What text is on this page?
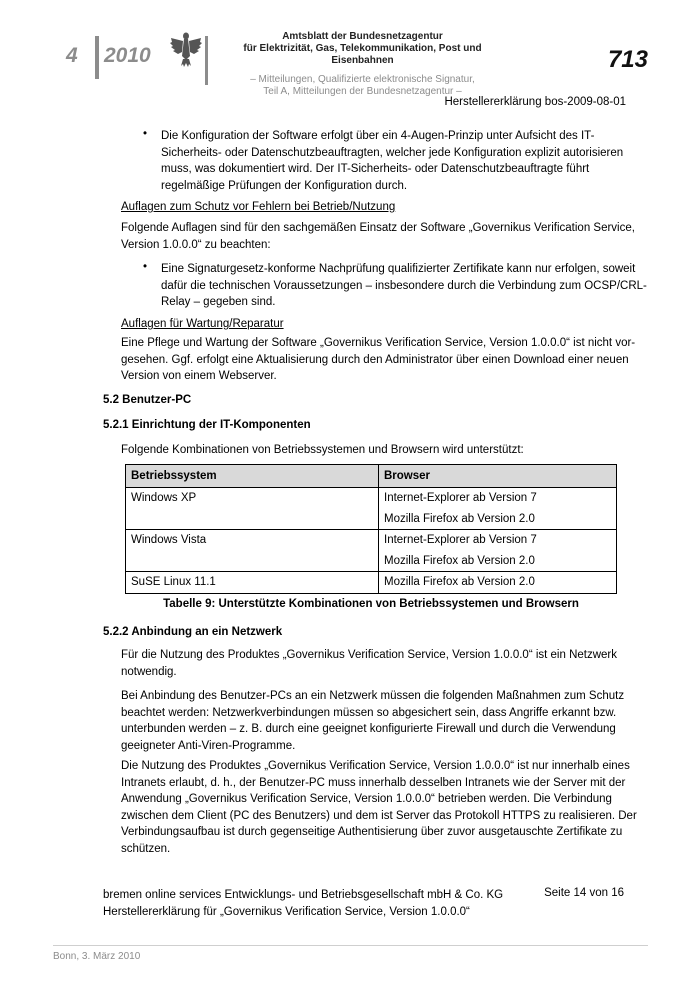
4 2010
Amtsblatt der Bundesnetzagentur
für Elektrizität, Gas, Telekommunikation, Post und Eisenbahnen
– Mitteilungen, Qualifizierte elektronische Signatur,
Teil A, Mitteilungen der Bundesnetzagentur –
713
Herstellererklärung bos-2009-08-01
• Die Konfiguration der Software erfolgt über ein 4-Augen-Prinzip unter Aufsicht des IT-
Sicherheits- oder Datenschutzbeauftragten, welcher jede Konfiguration explizit autorisieren
muss, was dokumentiert wird. Der IT-Sicherheits- oder Datenschutzbeauftragte führt
regelmäßige Prüfungen der Konfiguration durch.
Auflagen zum Schutz vor Fehlern bei Betrieb/Nutzung
Folgende Auflagen sind für den sachgemäßen Einsatz der Software „Governikus Verification Service,
Version 1.0.0.0“ zu beachten:
• Eine Signaturgesetz-konforme Nachprüfung qualifizierter Zertifikate kann nur erfolgen, soweit
dafür die technischen Voraussetzungen – insbesondere durch die Verbindung zum OCSP/CRL-
Relay – gegeben sind.
Auflagen für Wartung/Reparatur
Eine Pflege und Wartung der Software „Governikus Verification Service, Version 1.0.0.0“ ist nicht vor-
gesehen. Ggf. erfolgt eine Aktualisierung durch den Administrator über einen Download einer neuen
Version von einem Webserver.
5.2 Benutzer-PC
5.2.1 Einrichtung der IT-Komponenten
Folgende Kombinationen von Betriebssystemen und Browsern wird unterstützt:
Betriebssystem	Browser

Windows XP	Internet-Explorer ab Version 7
Mozilla Firefox ab Version 2.0

Windows Vista	Internet-Explorer ab Version 7
Mozilla Firefox ab Version 2.0

SuSE Linux 11.1	Mozilla Firefox ab Version 2.0
Tabelle 9: Unterstützte Kombinationen von Betriebssystemen und Browsern
5.2.2 Anbindung an ein Netzwerk
Für die Nutzung des Produktes „Governikus Verification Service, Version 1.0.0.0“ ist ein Netzwerk
notwendig.
Bei Anbindung des Benutzer-PCs an ein Netzwerk müssen die folgenden Maßnahmen zum Schutz
beachtet werden: Netzwerkverbindungen müssen so abgesichert sein, dass Angriffe erkannt bzw.
unterbunden werden – z. B. durch eine geeignet konfigurierte Firewall und durch die Verwendung
geeigneter Anti-Viren-Programme.
Die Nutzung des Produktes „Governikus Verification Service, Version 1.0.0.0“ ist nur innerhalb eines
Intranets erlaubt, d. h., der Benutzer-PC muss innerhalb desselben Intranets wie der Server mit der
Anwendung „Governikus Verification Service, Version 1.0.0.0“ betrieben werden. Die Verbindung
zwischen dem Client (PC des Benutzers) und dem ist Server das Protokoll HTTPS zu realisieren. Der
Verbindungsaufbau ist durch gegenseitige Authentisierung über zuvor ausgetauschte Zertifikate zu
schützen.
bremen online services Entwicklungs- und Betriebsgesellschaft mbH & Co. KG
Herstellererklärung für „Governikus Verification Service, Version 1.0.0.0“
Seite 14 von 16
Bonn, 3. März 2010
